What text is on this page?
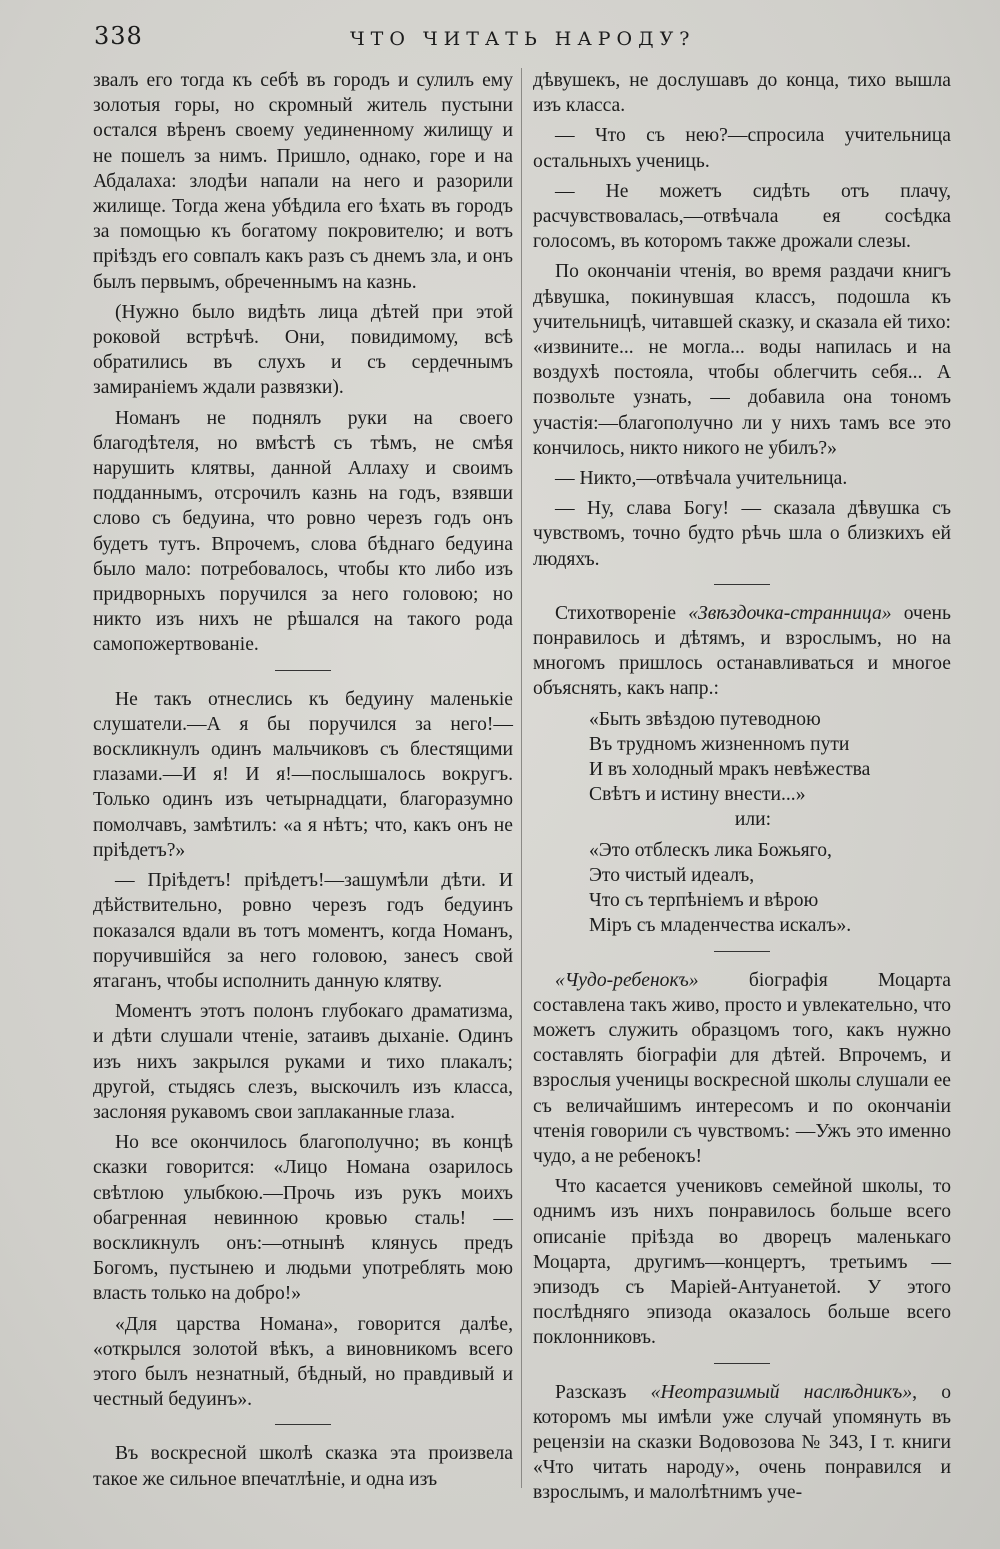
338	ЧТО ЧИТАТЬ НАРОДУ?

звалъ его тогда къ себѣ въ городъ и сулилъ ему золотыя горы, но скромный житель пустыни остался вѣренъ своему уединенному жилищу и не пошелъ за нимъ. Пришло, однако, горе и на Абдалаха: злодѣи напали на него и разорили жилище. Тогда жена убѣдила его ѣхать въ городъ за помощью къ богатому покровителю; и вотъ пріѣздъ его совпалъ какъ разъ съ днемъ зла, и онъ былъ первымъ, обреченнымъ на казнь.

(Нужно было видѣть лица дѣтей при этой роковой встрѣчѣ. Они, повидимому, всѣ обратились въ слухъ и съ сердечнымъ замираніемъ ждали развязки).

Номанъ не поднялъ руки на своего благодѣтеля, но вмѣстѣ съ тѣмъ, не смѣя нарушить клятвы, данной Аллаху и своимъ подданнымъ, отсрочилъ казнь на годъ, взявши слово съ бедуина, что ровно черезъ годъ онъ будетъ тутъ. Впрочемъ, слова бѣднаго бедуина было мало: потребовалось, чтобы кто либо изъ придворныхъ поручился за него головою; но никто изъ нихъ не рѣшался на такого рода самопожертвованіе.

Не такъ отнеслись къ бедуину маленькіе слушатели.—А я бы поручился за него!—воскликнулъ одинъ мальчиковъ съ блестящими глазами.—И я! И я!—послышалось вокругъ. Только одинъ изъ четырнадцати, благоразумно помолчавъ, замѣтилъ: «а я нѣтъ; что, какъ онъ не пріѣдетъ?»

— Пріѣдетъ! пріѣдетъ!—зашумѣли дѣти. И дѣйствительно, ровно черезъ годъ бедуинъ показался вдали въ тотъ моментъ, когда Номанъ, поручившійся за него головою, занесъ свой ятаганъ, чтобы исполнить данную клятву.

Моментъ этотъ полонъ глубокаго драматизма, и дѣти слушали чтеніе, затаивъ дыханіе. Одинъ изъ нихъ закрылся руками и тихо плакалъ; другой, стыдясь слезъ, выскочилъ изъ класса, заслоняя рукавомъ свои заплаканные глаза.

Но все окончилось благополучно; въ концѣ сказки говорится: «Лицо Номана озарилось свѣтлою улыбкою.—Прочь изъ рукъ моихъ обагренная невинною кровью сталь! — воскликнулъ онъ:—отнынѣ клянусь предъ Богомъ, пустынею и людьми употреблять мою власть только на добро!»

«Для царства Номана», говорится далѣе, «открылся золотой вѣкъ, а виновникомъ всего этого былъ незнатный, бѣдный, но правдивый и честный бедуинъ».

Въ воскресной школѣ сказка эта произвела такое же сильное впечатлѣніе, и одна изъ

дѣвушекъ, не дослушавъ до конца, тихо вышла изъ класса.

— Что съ нею?—спросила учительница остальныхъ учениць.

— Не можетъ сидѣть отъ плачу, расчувствовалась,—отвѣчала ея сосѣдка голосомъ, въ которомъ также дрожали слезы.

По окончаніи чтенія, во время раздачи книгъ дѣвушка, покинувшая классъ, подошла къ учительницѣ, читавшей сказку, и сказала ей тихо: «извините... не могла... воды напилась и на воздухѣ постояла, чтобы облегчить себя... А позвольте узнать, — добавила она тономъ участія:—благополучно ли у нихъ тамъ все это кончилось, никто никого не убилъ?»

— Никто,—отвѣчала учительница.

— Ну, слава Богу! — сказала дѣвушка съ чувствомъ, точно будто рѣчь шла о близкихъ ей людяхъ.

Стихотвореніе «Звѣздочка-странница» очень понравилось и дѣтямъ, и взрослымъ, но на многомъ пришлось останавливаться и многое объяснять, какъ напр.:

«Быть звѣздою путеводною
Въ трудномъ жизненномъ пути
И въ холодный мракъ невѣжества
Свѣтъ и истину внести...»

или:

«Это отблескъ лика Божьяго,
Это чистый идеалъ,
Что съ терпѣніемъ и вѣрою
Міръ съ младенчества искалъ».

«Чудо-ребенокъ» біографія Моцарта составлена такъ живо, просто и увлекательно, что можетъ служить образцомъ того, какъ нужно составлять біографіи для дѣтей. Впрочемъ, и взрослыя ученицы воскресной школы слушали ее съ величайшимъ интересомъ и по окончаніи чтенія говорили съ чувствомъ: —Ужъ это именно чудо, а не ребенокъ!

Что касается учениковъ семейной школы, то однимъ изъ нихъ понравилось больше всего описаніе пріѣзда во дворецъ маленькаго Моцарта, другимъ—концертъ, третьимъ —эпизодъ съ Маріей-Антуанетой. У этого послѣдняго эпизода оказалось больше всего поклонниковъ.

Разсказъ «Неотразимый наслѣдникъ», о которомъ мы имѣли уже случай упомянуть въ рецензіи на сказки Водовозова № 343, I т. книги «Что читать народу», очень понравился и взрослымъ, и малолѣтнимъ уче-
